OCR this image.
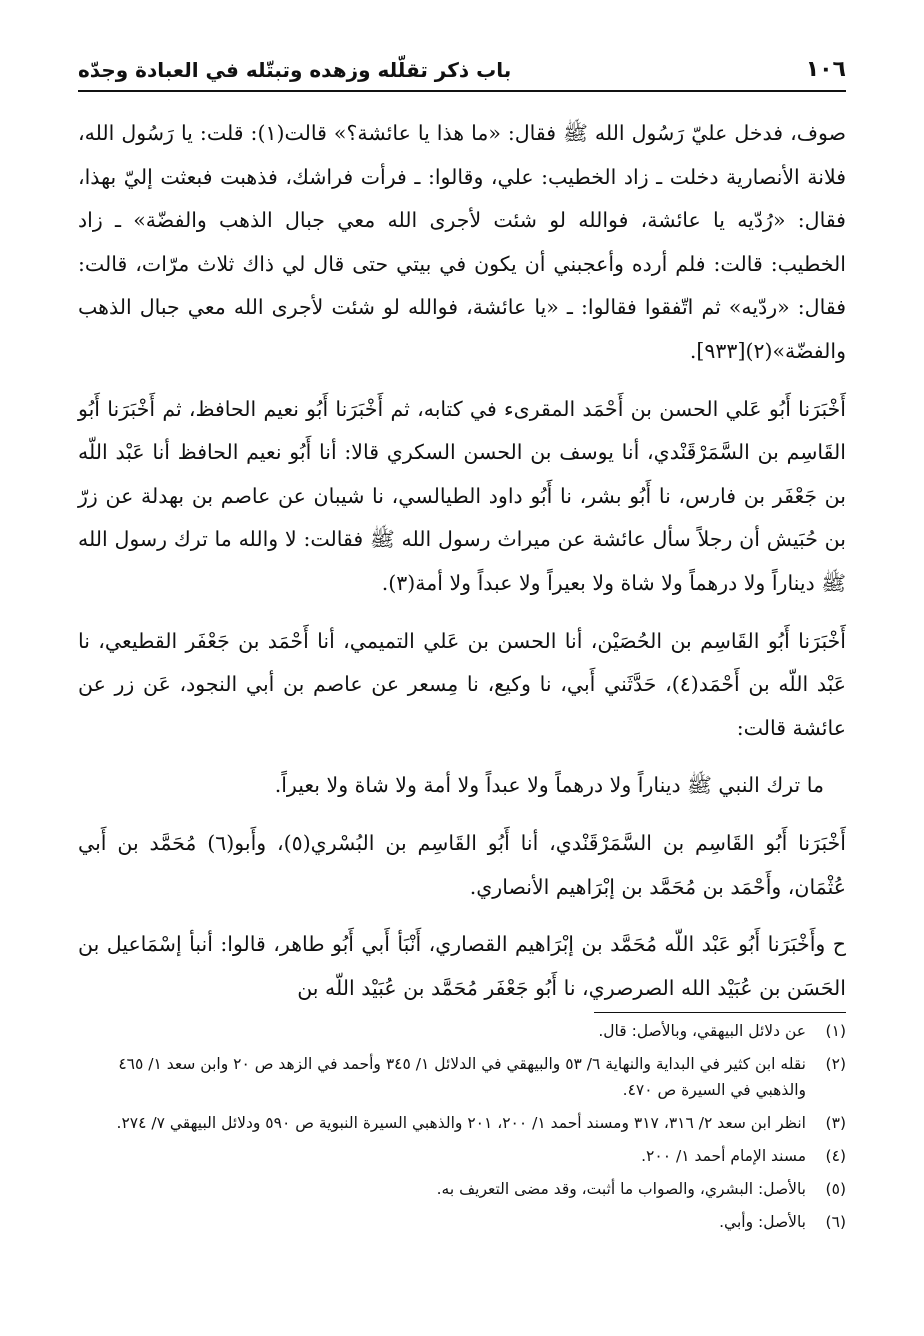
١٠٦
باب ذكر تقلّله وزهده وتبتّله في العبادة وجدّه

صوف، فدخل عليّ رَسُول الله ﷺ فقال: «ما هذا يا عائشة؟» قالت(١): قلت: يا رَسُول الله، فلانة الأنصارية دخلت ـ زاد الخطيب: علي، وقالوا: ـ فرأت فراشك، فذهبت فبعثت إليّ بهذا، فقال: «رُدّيه يا عائشة، فوالله لو شئت لأجرى الله معي جبال الذهب والفضّة» ـ زاد الخطيب: قالت: فلم أرده وأعجبني أن يكون في بيتي حتى قال لي ذاك ثلاث مرّات، قالت: فقال: «ردّيه» ثم اتّفقوا فقالوا: ـ «يا عائشة، فوالله لو شئت لأجرى الله معي جبال الذهب والفضّة»(٢)[٩٣٣].

أَخْبَرَنا أَبُو عَلي الحسن بن أَحْمَد المقرىء في كتابه، ثم أَخْبَرَنا أَبُو نعيم الحافظ، ثم أَخْبَرَنا أَبُو القَاسِم بن السَّمَرْقَنْدي، أنا يوسف بن الحسن السكري قالا: أنا أَبُو نعيم الحافظ أنا عَبْد اللّه بن جَعْفَر بن فارس، نا أَبُو بشر، نا أَبُو داود الطيالسي، نا شيبان عن عاصم بن بهدلة عن زرّ بن حُبَيش أن رجلاً سأل عائشة عن ميراث رسول الله ﷺ فقالت: لا والله ما ترك رسول الله ﷺ ديناراً ولا درهماً ولا شاة ولا بعيراً ولا عبداً ولا أمة(٣).

أَخْبَرَنا أَبُو القَاسِم بن الحُصَيْن، أنا الحسن بن عَلي التميمي، أنا أَحْمَد بن جَعْفَر القطيعي، نا عَبْد اللّه بن أَحْمَد(٤)، حَدَّثَني أَبي، نا وكيع، نا مِسعر عن عاصم بن أبي النجود، عَن زر عن عائشة قالت:

ما ترك النبي ﷺ ديناراً ولا درهماً ولا عبداً ولا أمة ولا شاة ولا بعيراً.

أَخْبَرَنا أَبُو القَاسِم بن السَّمَرْقَنْدي، أنا أَبُو القَاسِم بن البُسْري(٥)، وأَبو(٦) مُحَمَّد بن أَبي عُثْمَان، وأَحْمَد بن مُحَمَّد بن إبْرَاهيم الأنصاري.

ح وأَخْبَرَنا أَبُو عَبْد اللّه مُحَمَّد بن إبْرَاهيم القصاري، أَنْبَأ أَبي أَبُو طاهر، قالوا: أنبأ إسْمَاعيل بن الحَسَن بن عُبَيْد الله الصرصري، نا أَبُو جَعْفَر مُحَمَّد بن عُبَيْد اللّه بن

(١)
عن دلائل البيهقي، وبالأصل: قال.
(٢)
نقله ابن كثير في البداية والنهاية ٦/ ٥٣ والبيهقي في الدلائل ١/ ٣٤٥ وأحمد في الزهد ص ٢٠ وابن سعد ١/ ٤٦٥ والذهبي في السيرة ص ٤٧٠.
(٣)
انظر ابن سعد ٢/ ٣١٦، ٣١٧ ومسند أحمد ١/ ٢٠٠، ٢٠١ والذهبي السيرة النبوية ص ٥٩٠ ودلائل البيهقي ٧/ ٢٧٤.
(٤)
مسند الإمام أحمد ١/ ٢٠٠.
(٥)
بالأصل: البشري، والصواب ما أثبت، وقد مضى التعريف به.
(٦)
بالأصل: وأبي.
